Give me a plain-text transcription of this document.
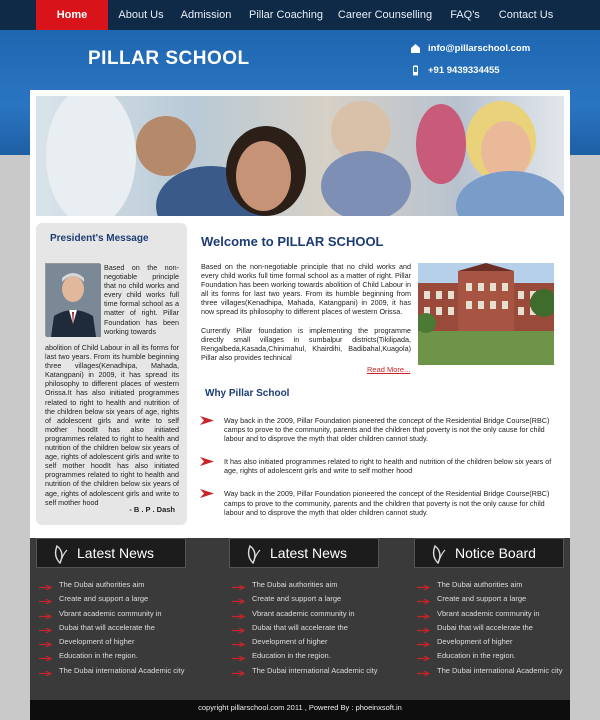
Home	About Us	Admission	Pillar Coaching	Career Counselling	FAQ's	Contact Us
PILLAR SCHOOL	info@pillarschool.com
+91 9439334455
President's Message
Based on the non-negotiable principle that no child works and every child works full time formal school as a matter of right. Pillar Foundation has been working towards
abolition of Child Labour in all its forms for last two years. From its humble beginning three villages(Kenadhipa, Mahada, Katangpani) in 2009, it has spread its philosophy to different places of western Orissa.It has also initiated programmes related to right to health and nutrition of the children below six years of age, rights of adolescent girls and write to self mother hoodIt has also initiated programmes related to right to health and nutrition of the children below six years of age, rights of adolescent girls and write to self mother hoodIt has also initiated programmes related to right to health and nutrition of the children below six years of age, rights of adolescent girls and write to self mother hood
- B . P . Dash
Welcome to PILLAR SCHOOL

Based on the non-negotiable principle that no child works and every child works full time formal school as a matter of right. Pillar Foundation has been working towards abolition of Child Labour in all its forms for last two years. From its humble beginning from three villages(Kenadhipa, Mahada, Katangpani) in 2009, it has now spread its philosophy to different places of western Orissa.

Currently Pillar foundation is implementing the programme directly small villages in sumbalpur districts(Tikilipada, Rengalbeda,Kasada,Chinimahul, Khairdihi, Badibahal,Kuagola) Pillar also provides technical

Read More...
Why Pillar School
Way back in the 2009, Pillar Foundation pioneered the concept of the Residential Bridge Course(RBC) camps to prove to the community, parents and the children that poverty is not the only cause for child labour and to disprove the myth that older children cannot study.
It has also initiated programmes related to right to health and nutrition of the children below six years of age, rights of adolescent girls and write to self mother hood
Way back in the 2009, Pillar Foundation pioneered the concept of the Residential Bridge Course(RBC) camps to prove to the community, parents and the children that poverty is not the only cause for child labour and to disprove the myth that older children cannot study.
Latest News
The Dubai authorities aim
Create and support a large
Vbrant academic community in
Dubai that will accelerate the
Development of higher
Education in the region.
The Dubai international Academic city
Latest News
The Dubai authorities aim
Create and support a large
Vbrant academic community in
Dubai that will accelerate the
Development of higher
Education in the region.
The Dubai international Academic city
Notice Board
The Dubai authorities aim
Create and support a large
Vbrant academic community in
Dubai that will accelerate the
Development of higher
Education in the region.
The Dubai international Academic city
copyright pillarschool.com 2011 , Powered By : phoeinxsoft.in
